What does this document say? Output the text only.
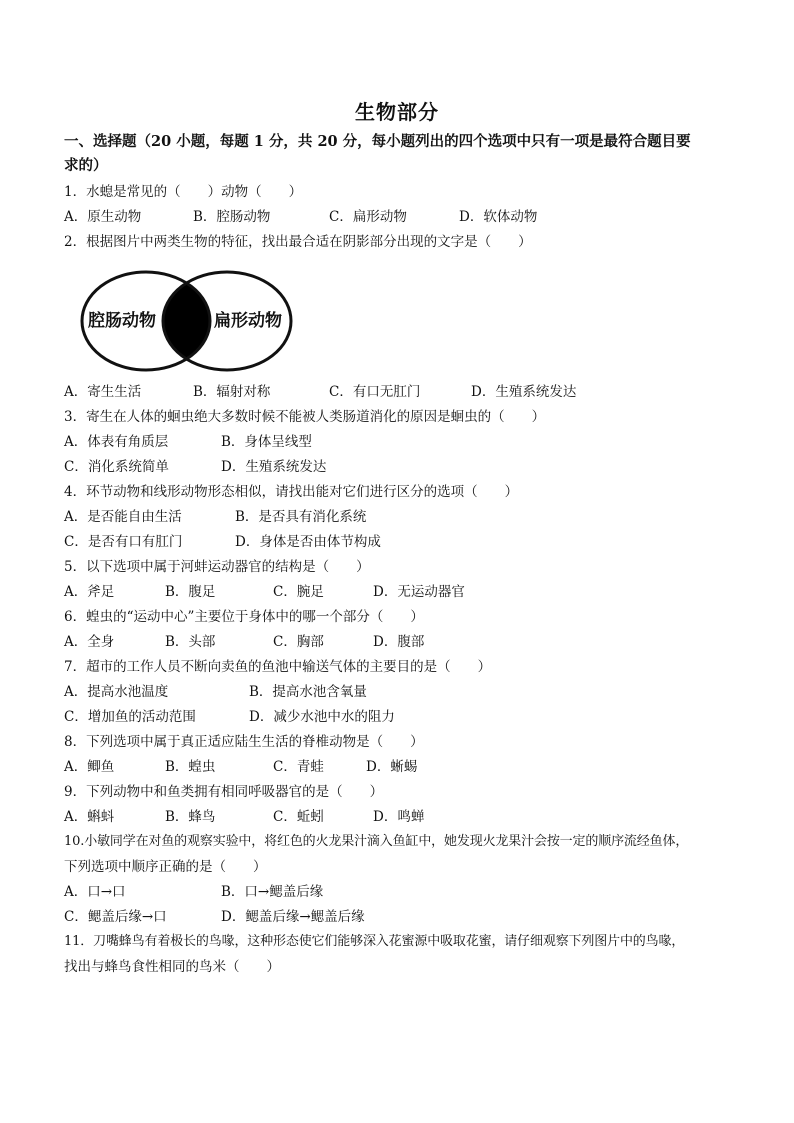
生物部分
一、选择题（20 小题，每题 1 分，共 20 分，每小题列出的四个选项中只有一项是最符合题目要
求的）
1．水螅是常见的（　　）动物（　　）
A．原生动物	B．腔肠动物	C．扁形动物	D．软体动物
2．根据图片中两类生物的特征，找出最合适在阴影部分出现的文字是（　　）
腔肠动物	扁形动物
A．寄生生活	B．辐射对称	C．有口无肛门	D．生殖系统发达
3．寄生在人体的蛔虫绝大多数时候不能被人类肠道消化的原因是蛔虫的（　　）
A．体表有角质层	B．身体呈线型
C．消化系统简单	D．生殖系统发达
4．环节动物和线形动物形态相似，请找出能对它们进行区分的选项（　　）
A．是否能自由生活	B．是否具有消化系统
C．是否有口有肛门	D．身体是否由体节构成
5．以下选项中属于河蚌运动器官的结构是（　　）
A．斧足	B．腹足	C．腕足	D．无运动器官
6．蝗虫的“运动中心”主要位于身体中的哪一个部分（　　）
A．全身	B．头部	C．胸部	D．腹部
7．超市的工作人员不断向卖鱼的鱼池中输送气体的主要目的是（　　）
A．提高水池温度	B．提高水池含氧量
C．增加鱼的活动范围	D．减少水池中水的阻力
8．下列选项中属于真正适应陆生生活的脊椎动物是（　　）
A．鲫鱼	B．蝗虫	C．青蛙	D．蜥蜴
9．下列动物中和鱼类拥有相同呼吸器官的是（　　）
A．蝌蚪	B．蜂鸟	C．蚯蚓	D．鸣蝉
10.小敏同学在对鱼的观察实验中，将红色的火龙果汁滴入鱼缸中，她发现火龙果汁会按一定的顺序流经鱼体，
下列选项中顺序正确的是（　　）
A．口→口	B．口→鳃盖后缘
C．鳃盖后缘→口	D．鳃盖后缘→鳃盖后缘
11．刀嘴蜂鸟有着极长的鸟喙，这种形态使它们能够深入花蜜源中吸取花蜜，请仔细观察下列图片中的鸟喙，
找出与蜂鸟食性相同的鸟米（　　）
